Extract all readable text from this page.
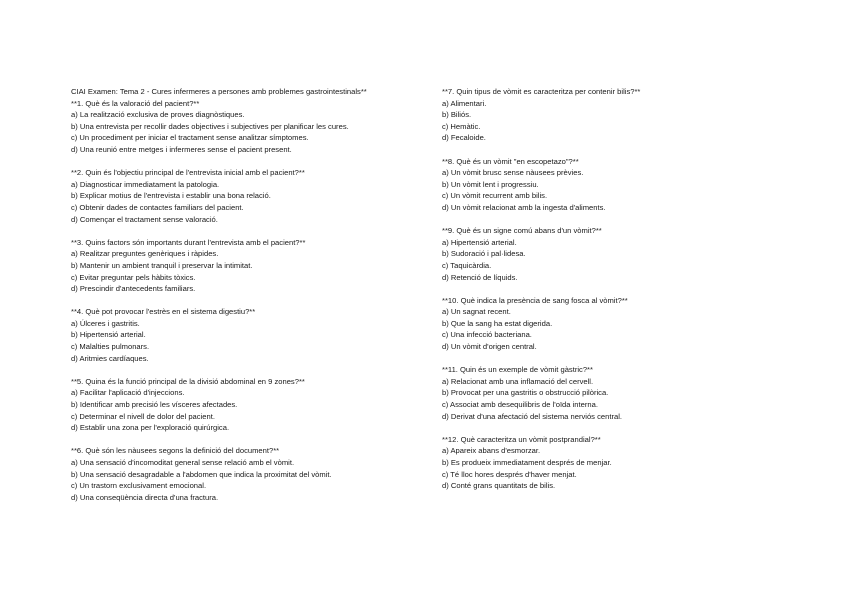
CIAI Examen: Tema 2 - Cures infermeres a persones amb problemes gastrointestinals**
**1. Què és la valoració del pacient?**
a) La realització exclusiva de proves diagnòstiques.
b) Una entrevista per recollir dades objectives i subjectives per planificar les cures.
c) Un procediment per iniciar el tractament sense analitzar símptomes.
d) Una reunió entre metges i infermeres sense el pacient present.
**2. Quin és l'objectiu principal de l'entrevista inicial amb el pacient?**
a) Diagnosticar immediatament la patologia.
b) Explicar motius de l'entrevista i establir una bona relació.
c) Obtenir dades de contactes familiars del pacient.
d) Començar el tractament sense valoració.
**3. Quins factors són importants durant l'entrevista amb el pacient?**
a) Realitzar preguntes genèriques i ràpides.
b) Mantenir un ambient tranquil i preservar la intimitat.
c) Evitar preguntar pels hàbits tòxics.
d) Prescindir d'antecedents familiars.
**4. Què pot provocar l'estrès en el sistema digestiu?**
a) Úlceres i gastritis.
b) Hipertensió arterial.
c) Malalties pulmonars.
d) Aritmies cardíaques.
**5. Quina és la funció principal de la divisió abdominal en 9 zones?**
a) Facilitar l'aplicació d'injeccions.
b) Identificar amb precisió les vísceres afectades.
c) Determinar el nivell de dolor del pacient.
d) Establir una zona per l'exploració quirúrgica.
**6. Què són les nàusees segons la definició del document?**
a) Una sensació d'incomoditat general sense relació amb el vòmit.
b) Una sensació desagradable a l'abdomen que indica la proximitat del vòmit.
c) Un trastorn exclusivament emocional.
d) Una conseqüència directa d'una fractura.
**7. Quin tipus de vòmit es caracteritza per contenir bilis?**
a) Alimentari.
b) Biliós.
c) Hemàtic.
d) Fecaloide.
**8. Què és un vòmit "en escopetazo"?**
a) Un vòmit brusc sense nàusees prèvies.
b) Un vòmit lent i progressiu.
c) Un vòmit recurrent amb bilis.
d) Un vòmit relacionat amb la ingesta d'aliments.
**9. Què és un signe comú abans d'un vòmit?**
a) Hipertensió arterial.
b) Sudoració i pal·lidesa.
c) Taquicàrdia.
d) Retenció de líquids.
**10. Què indica la presència de sang fosca al vòmit?**
a) Un sagnat recent.
b) Que la sang ha estat digerida.
c) Una infecció bacteriana.
d) Un vòmit d'origen central.
**11. Quin és un exemple de vòmit gàstric?**
a) Relacionat amb una inflamació del cervell.
b) Provocat per una gastritis o obstrucció pilòrica.
c) Associat amb desequilibris de l'oïda interna.
d) Derivat d'una afectació del sistema nerviós central.
**12. Què caracteritza un vòmit postprandial?**
a) Apareix abans d'esmorzar.
b) Es produeix immediatament després de menjar.
c) Té lloc hores després d'haver menjat.
d) Conté grans quantitats de bilis.
